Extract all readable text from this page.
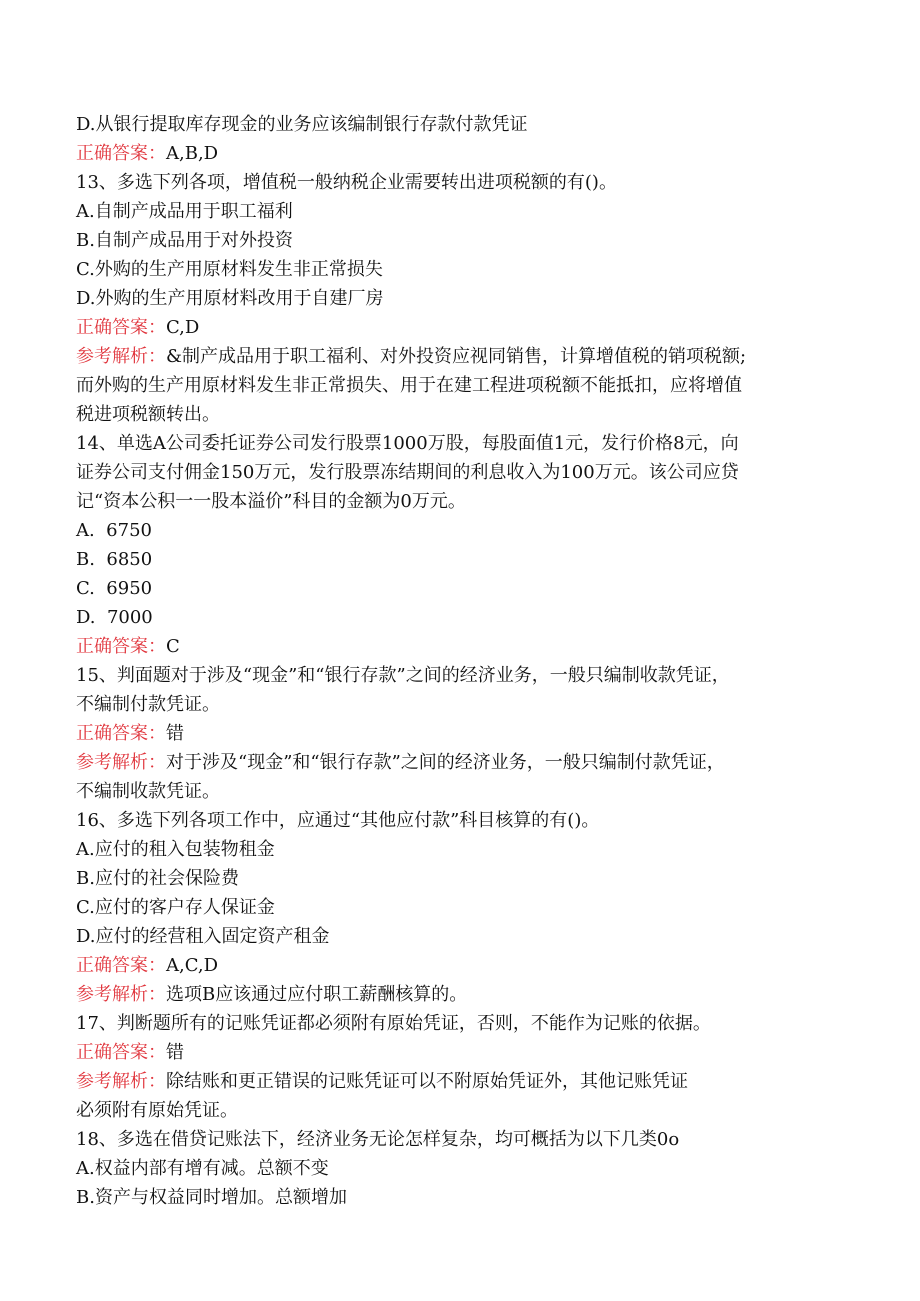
D.从银行提取库存现金的业务应该编制银行存款付款凭证
正确答案：A,B,D
13、多选下列各项，增值税一般纳税企业需要转出进项税额的有()。
A.自制产成品用于职工福利
B.自制产成品用于对外投资
C.外购的生产用原材料发生非正常损失
D.外购的生产用原材料改用于自建厂房
正确答案：C,D
参考解析：&制产成品用于职工福利、对外投资应视同销售，计算增值税的销项税额;
而外购的生产用原材料发生非正常损失、用于在建工程进项税额不能抵扣，应将增值
税进项税额转出。
14、单选A公司委托证券公司发行股票1000万股，每股面值1元，发行价格8元，向
证券公司支付佣金150万元，发行股票冻结期间的利息收入为100万元。该公司应贷
记“资本公积一一股本溢价”科目的金额为0万元。
A.  6750
B.  6850
C.  6950
D.  7000
正确答案：C
15、判面题对于涉及“现金”和“银行存款”之间的经济业务，一般只编制收款凭证，
不编制付款凭证。
正确答案：错
参考解析：对于涉及“现金”和“银行存款”之间的经济业务，一般只编制付款凭证，
不编制收款凭证。
16、多选下列各项工作中，应通过“其他应付款”科目核算的有()。
A.应付的租入包装物租金
B.应付的社会保险费
C.应付的客户存人保证金
D.应付的经营租入固定资产租金
正确答案：A,C,D
参考解析：选项B应该通过应付职工薪酬核算的。
17、判断题所有的记账凭证都必须附有原始凭证，否则，不能作为记账的依据。
正确答案：错
参考解析：除结账和更正错误的记账凭证可以不附原始凭证外，其他记账凭证
必须附有原始凭证。
18、多选在借贷记账法下，经济业务无论怎样复杂，均可概括为以下几类0o
A.权益内部有增有减。总额不变
B.资产与权益同时增加。总额增加
